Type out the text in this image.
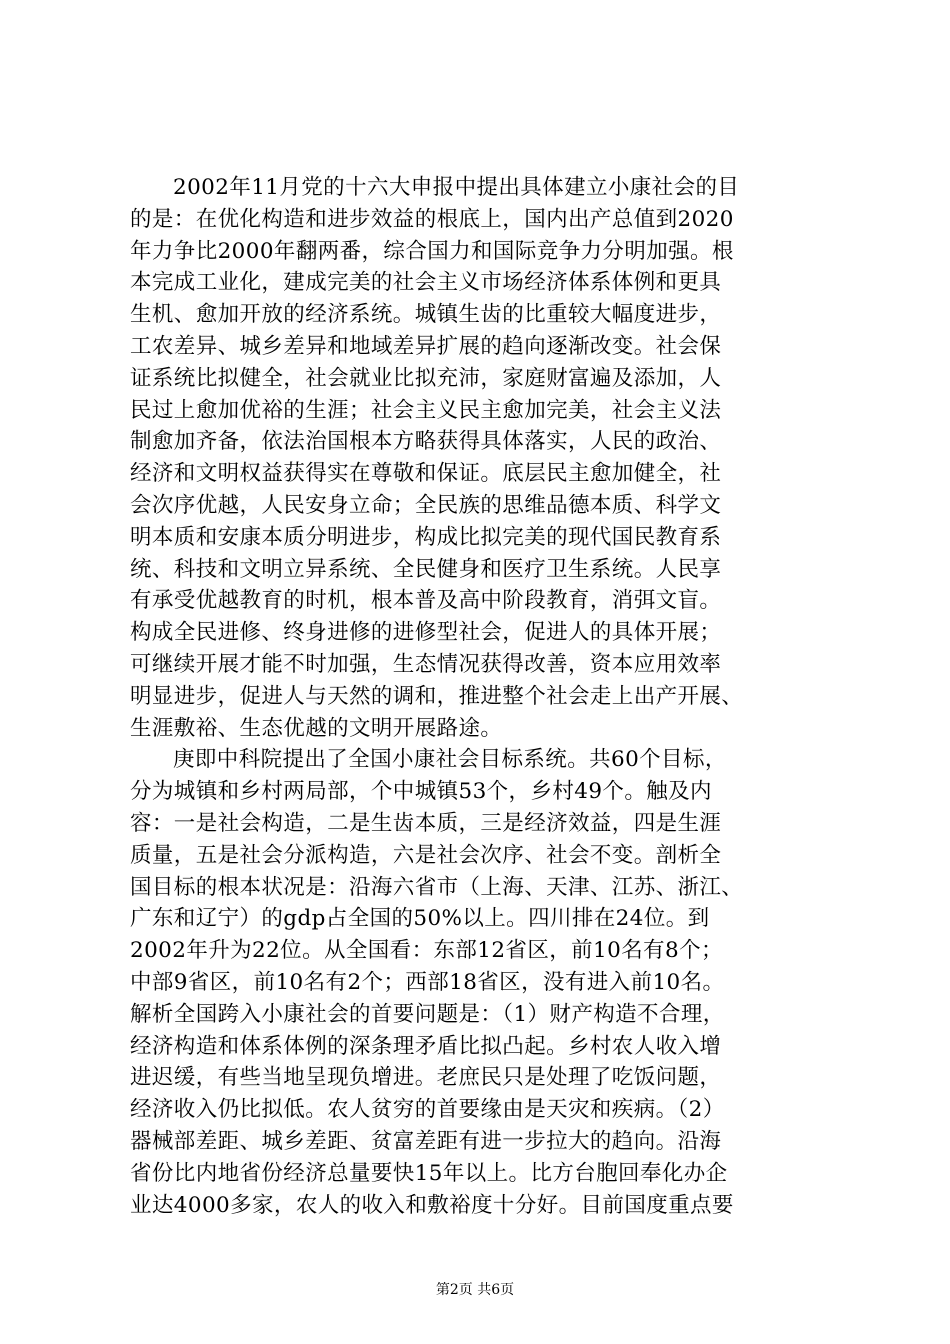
2002年11月党的十六大申报中提出具体建立小康社会的目
的是：在优化构造和进步效益的根底上，国内出产总值到2020
年力争比2000年翻两番，综合国力和国际竞争力分明加强。根
本完成工业化，建成完美的社会主义市场经济体系体例和更具
生机、愈加开放的经济系统。城镇生齿的比重较大幅度进步，
工农差异、城乡差异和地域差异扩展的趋向逐渐改变。社会保
证系统比拟健全，社会就业比拟充沛，家庭财富遍及添加，人
民过上愈加优裕的生涯；社会主义民主愈加完美，社会主义法
制愈加齐备，依法治国根本方略获得具体落实，人民的政治、
经济和文明权益获得实在尊敬和保证。底层民主愈加健全，社
会次序优越，人民安身立命；全民族的思维品德本质、科学文
明本质和安康本质分明进步，构成比拟完美的现代国民教育系
统、科技和文明立异系统、全民健身和医疗卫生系统。人民享
有承受优越教育的时机，根本普及高中阶段教育，消弭文盲。
构成全民进修、终身进修的进修型社会，促进人的具体开展；
可继续开展才能不时加强，生态情况获得改善，资本应用效率
明显进步，促进人与天然的调和，推进整个社会走上出产开展、
生涯敷裕、生态优越的文明开展路途。
庚即中科院提出了全国小康社会目标系统。共60个目标，
分为城镇和乡村两局部，个中城镇53个，乡村49个。触及内
容：一是社会构造，二是生齿本质，三是经济效益，四是生涯
质量，五是社会分派构造，六是社会次序、社会不变。剖析全
国目标的根本状况是：沿海六省市（上海、天津、江苏、浙江、
广东和辽宁）的gdp占全国的50%以上。四川排在24位。到
2002年升为22位。从全国看：东部12省区，前10名有8个；
中部9省区，前10名有2个；西部18省区，没有进入前10名。
解析全国跨入小康社会的首要问题是：（1）财产构造不合理，
经济构造和体系体例的深条理矛盾比拟凸起。乡村农人收入增
进迟缓，有些当地呈现负增进。老庶民只是处理了吃饭问题，
经济收入仍比拟低。农人贫穷的首要缘由是天灾和疾病。（2）
器械部差距、城乡差距、贫富差距有进一步拉大的趋向。沿海
省份比内地省份经济总量要快15年以上。比方台胞回奉化办企
业达4000多家，农人的收入和敷裕度十分好。目前国度重点要
第2页 共6页
